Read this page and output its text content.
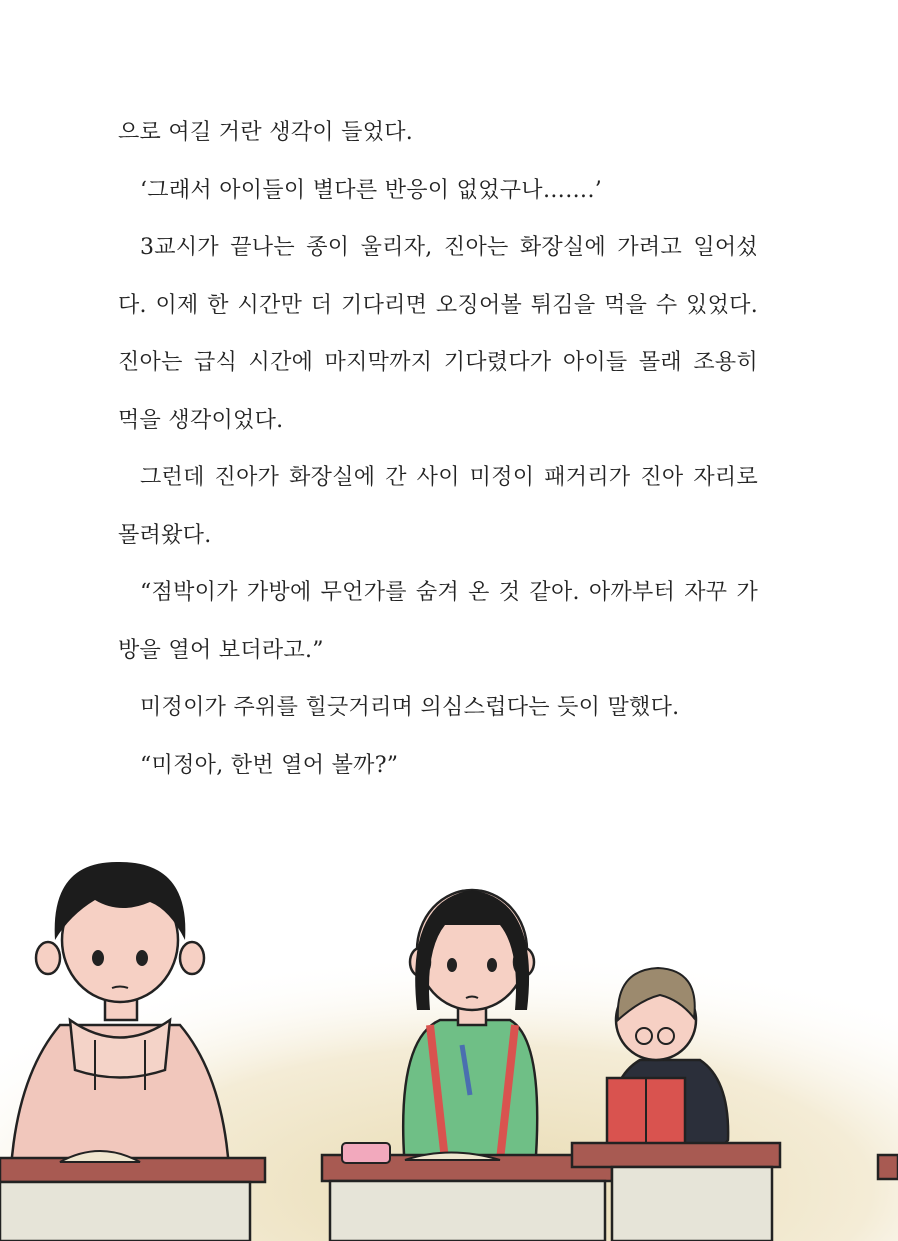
으로 여길 거란 생각이 들었다.

‘그래서 아이들이 별다른 반응이 없었구나…….’

3교시가 끝나는 종이 울리자, 진아는 화장실에 가려고 일어섰다. 이제 한 시간만 더 기다리면 오징어볼 튀김을 먹을 수 있었다. 진아는 급식 시간에 마지막까지 기다렸다가 아이들 몰래 조용히 먹을 생각이었다.

그런데 진아가 화장실에 간 사이 미정이 패거리가 진아 자리로 몰려왔다.

“점박이가 가방에 무언가를 숨겨 온 것 같아. 아까부터 자꾸 가방을 열어 보더라고.”

미정이가 주위를 힐긋거리며 의심스럽다는 듯이 말했다.

“미정아, 한번 열어 볼까?”
